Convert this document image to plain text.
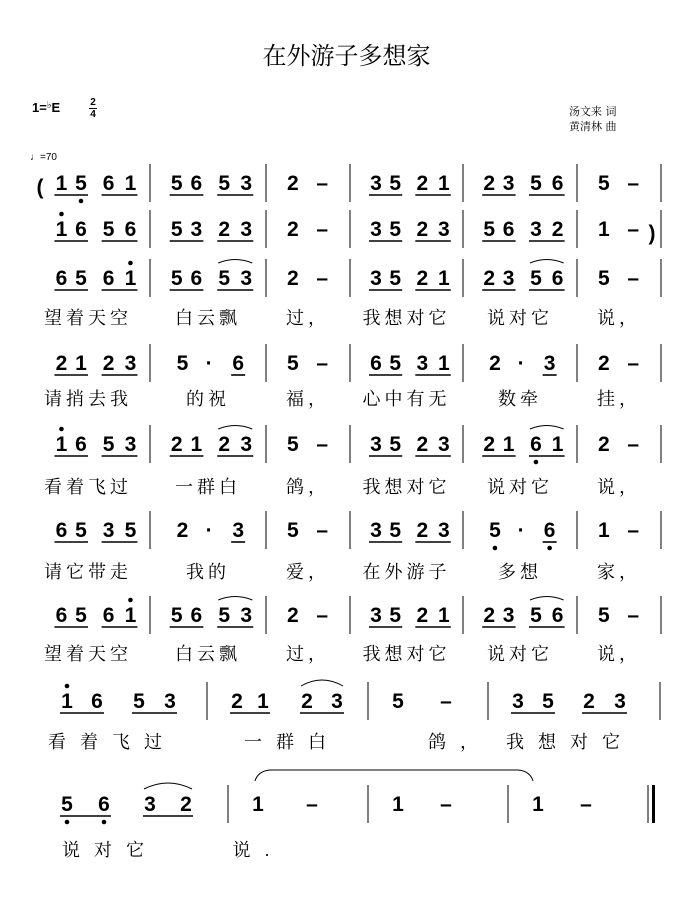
在外游子多想家
1=♭E	2
4	汤文来 词
黄清林 曲
♩=70
( 1 5 6 1 5 6 5 3 2 – 3 5 2 1 2 3 5 6 5 –
)
1 6 5 6 5 3 2 3 2 – 3 5 2 3 5 6 3 2 1 –
6 5 6 1 5 6 5 3 2 – 3 5 2 1 2 3 5 6 5 –
2 1 2 3 5 · 6 5 – 6 5 3 1 2 · 3 2 –
1 6 5 3 2 1 2 3 5 – 3 5 2 3 2 1 6 1 2 –
6 5 3 5 2 · 3 5 – 3 5 2 3 5 · 6 1 –
6 5 6 1 5 6 5 3 2 – 3 5 2 1 2 3 5 6 5 –
1 6 5 3	2 1 2 3 5 –	3 5 2 3
5 6 3 2	1 –	1 –	1 –
望着天空 白云飘	过， 我想对它 说对它 说，
请捎去我	的祝	福， 心中有无	数牵	挂，
看着飞过 一群白	鸽， 我想对它 说对它 说，
请它带走	我的	爱， 在外游子	多想	家，
望着天空 白云飘	过， 我想对它 说对它 说，
看着飞过	一群白	鸽， 我想对它
说对它	说.
